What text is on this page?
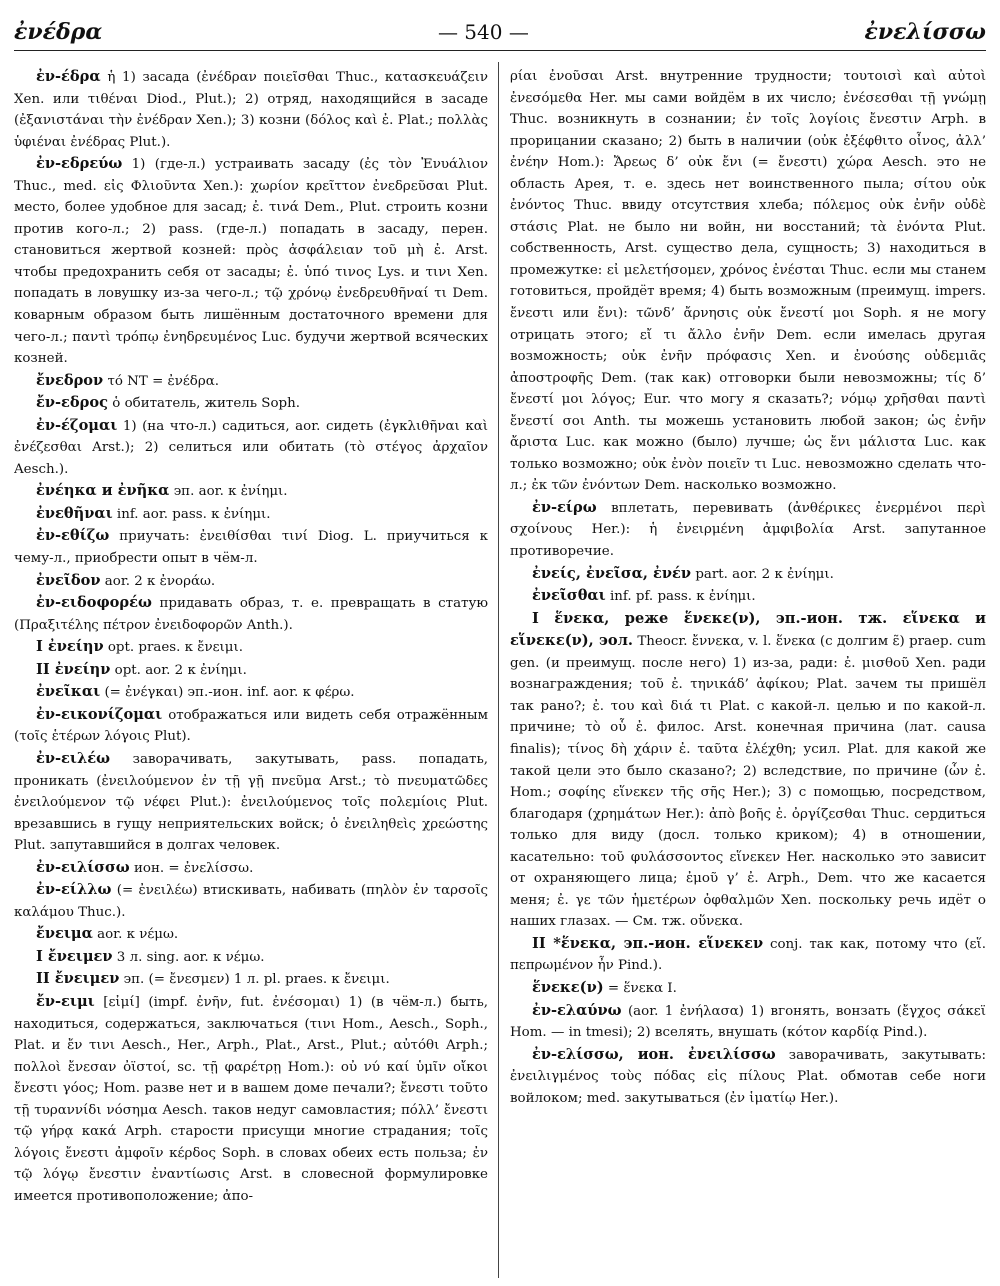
ἐνέδρα	— 540 —	ἐνελίσσω

ἐν-έδρα ἡ 1) засада (ἐνέδραν ποιεῖσθαι Thuc., κατασκευάζειν Xen. или τιθέναι Diod., Plut.); 2) отряд, находящийся в засаде (ἐξανιστάναι τὴν ἐνέδραν Xen.); 3) козни (δόλος καὶ ἐ. Plat.; πολλὰς ὑφιέναι ἐνέδρας Plut.).

ἐν-εδρεύω 1) (где-л.) устраивать засаду (ἐς τὸν Ἐνυάλιον Thuc., med. εἰς Φλιοῦντα Xen.): χωρίον κρεῖττον ἐνεδρεῦσαι Plut. место, более удобное для засад; ἐ. τινά Dem., Plut. строить козни против кого-л.; 2) pass. (где-л.) попадать в засаду, перен. становиться жертвой козней: πρὸς ἀσφάλειαν τοῦ μὴ ἐ. Arst. чтобы предохранить себя от засады; ἐ. ὑπό τινος Lys. и τινι Xen. попадать в ловушку из-за чего-л.; τῷ χρόνῳ ἐνεδρευθῆναί τι Dem. коварным образом быть лишённым достаточного времени для чего-л.; παντὶ τρόπῳ ἐνηδρευμένος Luc. будучи жертвой всяческих козней.

ἔνεδρον τό NT = ἐνέδρα.

ἔν-εδρος ὁ обитатель, житель Soph.

ἐν-έζομαι 1) (на что-л.) садиться, aor. сидеть (ἐγκλιθῆναι καὶ ἐνέζεσθαι Arst.); 2) селиться или обитать (τὸ στέγος ἀρχαῖον Aesch.).

ἐνέηκα и ἐνῆκα эп. aor. к ἐνίημι.

ἐνεθῆναι inf. aor. pass. к ἐνίημι.

ἐν-εθίζω приучать: ἐνειθίσθαι τινί Diog. L. приучиться к чему-л., приобрести опыт в чём-л.

ἐνεῖδον aor. 2 к ἐνοράω.

ἐν-ειδοφορέω придавать образ, т. е. превращать в статую (Πραξιτέλης πέτρον ἐνειδοφορῶν Anth.).

I ἐνείην opt. praes. к ἔνειμι.

II ἐνείην opt. aor. 2 к ἐνίημι.

ἐνεῖκαι (= ἐνέγκαι) эп.-ион. inf. aor. к φέρω.

ἐν-εικονίζομαι отображаться или видеть себя отражённым (τοῖς ἑτέρων λόγοις Plut).

ἐν-ειλέω заворачивать, закутывать, pass. попадать, проникать (ἐνειλούμενον ἐν τῇ γῇ πνεῦμα Arst.; τὸ πνευματῶδες ἐνειλούμενον τῷ νέφει Plut.): ἐνειλούμενος τοῖς πολεμίοις Plut. врезавшись в гущу неприятельских войск; ὁ ἐνειληθεὶς χρεώστης Plut. запутавшийся в долгах человек.

ἐν-ειλίσσω ион. = ἐνελίσσω.

ἐν-είλλω (= ἐνειλέω) втискивать, набивать (πηλὸν ἐν ταρσοῖς καλάμου Thuc.).

ἔνειμα aor. к νέμω.

I ἔνειμεν 3 л. sing. aor. к νέμω.

II ἔνειμεν эп. (= ἔνεσμεν) 1 л. pl. praes. к ἔνειμι.

ἔν-ειμι [εἰμί] (impf. ἐνῆν, fut. ἐνέσομαι) 1) (в чём-л.) быть, находиться, содержаться, заключаться (τινι Hom., Aesch., Soph., Plat. и ἔν τινι Aesch., Her., Arph., Plat., Arst., Plut.; αὐτόθι Arph.; πολλοὶ ἔνεσαν ὀϊστοί, sc. τῇ φαρέτρῃ Hom.): οὐ νύ καί ὑμῖν οἴκοι ἔνεστι γόος; Hom. разве нет и в вашем доме печали?; ἔνεστι τοῦτο τῇ τυραννίδι νόσημα Aesch. таков недуг самовластия; πόλλ’ ἔνεστι τῷ γήρᾳ κακά Arph. старости присущи многие страдания; τοῖς λόγοις ἔνεστι ἀμφοῖν κέρδος Soph. в словах обеих есть польза; ἐν τῷ λόγῳ ἔνεστιν ἐναντίωσις Arst. в словесной формулировке имеется противоположение; ἀπο-

ρίαι ἐνοῦσαι Arst. внутренние трудности; τουτοισὶ καὶ αὐτοὶ ἐνεσόμεθα Her. мы сами войдём в их число; ἐνέσεσθαι τῇ γνώμῃ Thuc. возникнуть в сознании; ἐν τοῖς λογίοις ἔνεστιν Arph. в прорицании сказано; 2) быть в наличии (οὐκ ἐξέφθιτο οἶνος, ἀλλ’ ἐνέην Hom.): Ἄρεως δ’ οὐκ ἔνι (= ἔνεστι) χώρα Aesch. это не область Арея, т. е. здесь нет воинственного пыла; σίτου οὐκ ἐνόντος Thuc. ввиду отсутствия хлеба; πόλεμος οὐκ ἐνῆν οὐδὲ στάσις Plat. не было ни войн, ни восстаний; τὰ ἐνόντα Plut. собственность, Arst. существо дела, сущность; 3) находиться в промежутке: εἰ μελετήσομεν, χρόνος ἐνέσται Thuc. если мы станем готовиться, пройдёт время; 4) быть возможным (преимущ. impers. ἔνεστι или ἔνι): τῶνδ’ ἄρνησις οὐκ ἔνεστί μοι Soph. я не могу отрицать этого; εἴ τι ἄλλο ἐνῆν Dem. если имелась другая возможность; οὐκ ἐνῆν πρόφασις Xen. и ἐνούσης οὐδεμιᾶς ἀποστροφῆς Dem. (так как) отговорки были невозможны; τίς δ’ ἔνεστί μοι λόγος; Eur. что могу я сказать?; νόμῳ χρῆσθαι παντὶ ἔνεστί σοι Anth. ты можешь установить любой закон; ὡς ἐνῆν ἄριστα Luc. как можно (было) лучше; ὡς ἔνι μάλιστα Luc. как только возможно; οὐκ ἐνὸν ποιεῖν τι Luc. невозможно сделать что-л.; ἐκ τῶν ἐνόντων Dem. насколько возможно.

ἐν-είρω вплетать, перевивать (ἀνθέρικες ἐνερμένοι περὶ σχοίνους Her.): ἡ ἐνειρμένη ἀμφιβολία Arst. запутанное противоречие.

ἐνείς, ἐνεῖσα, ἐνέν part. aor. 2 к ἐνίημι.

ἐνεῖσθαι inf. pf. pass. к ἐνίημι.

I ἕνεκα, реже ἕνεκε(ν), эп.-ион. тж. εἵνεκα и εἵνεκε(ν), эол. Theocr. ἔννεκα, v. l. ἕνεκα (с долгим ε̃) praep. cum gen. (и преимущ. после него) 1) из-за, ради: ἐ. μισθοῦ Xen. ради вознаграждения; τοῦ ἐ. τηνικάδ’ ἀφίκου; Plat. зачем ты пришёл так рано?; ἐ. του καὶ διά τι Plat. с какой-л. целью и по какой-л. причине; τὸ οὗ ἐ. филос. Arst. конечная причина (лат. causa finalis); τίνος δὴ χάριν ἐ. ταῦτα ἐλέχθη; усил. Plat. для какой же такой цели это было сказано?; 2) вследствие, по причине (ὧν ἐ. Hom.; σοφίης εἵνεκεν τῆς σῆς Her.); 3) с помощью, посредством, благодаря (χρημάτων Her.): ἀπὸ βοῆς ἐ. ὀργίζεσθαι Thuc. сердиться только для виду (досл. только криком); 4) в отношении, касательно: τοῦ φυλάσσοντος εἵνεκεν Her. насколько это зависит от охраняющего лица; ἐμοῦ γ’ ἐ. Arph., Dem. что же касается меня; ἐ. γε τῶν ἡμετέρων ὀφθαλμῶν Xen. поскольку речь идёт о наших глазах. — См. тж. οὕνεκα.

II *ἕνεκα, эп.-ион. εἵνεκεν conj. так как, потому что (εἵ. πεπρωμένον ἦν Pind.).

ἕνεκε(ν) = ἕνεκα I.

ἐν-ελαύνω (aor. 1 ἐνήλασα) 1) вгонять, вонзать (ἔγχος σάκεϊ Hom. — in tmesi); 2) вселять, внушать (κότον καρδίᾳ Pind.).

ἐν-ελίσσω, ион. ἐνειλίσσω заворачивать, закутывать: ἐνειλιγμένος τοὺς πόδας εἰς πίλους Plat. обмотав себе ноги войлоком; med. закутываться (ἐν ἱματίῳ Her.).
